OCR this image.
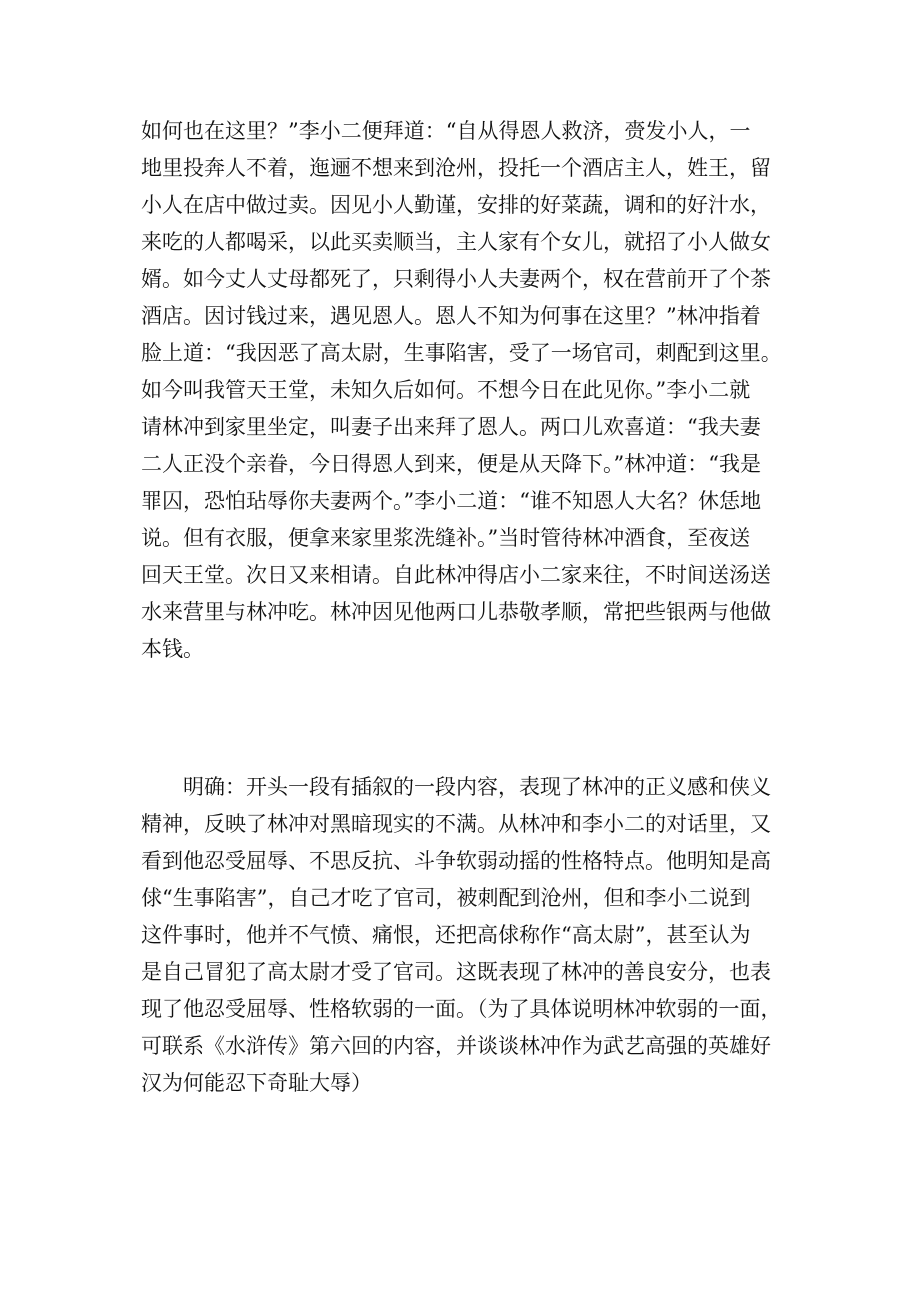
如何也在这里？”李小二便拜道：“自从得恩人救济，赍发小人，一
地里投奔人不着，迤逦不想来到沧州，投托一个酒店主人，姓王，留
小人在店中做过卖。因见小人勤谨，安排的好菜蔬，调和的好汁水，
来吃的人都喝采，以此买卖顺当，主人家有个女儿，就招了小人做女
婿。如今丈人丈母都死了，只剩得小人夫妻两个，权在营前开了个茶
酒店。因讨钱过来，遇见恩人。恩人不知为何事在这里？”林冲指着
脸上道：“我因恶了高太尉，生事陷害，受了一场官司，刺配到这里。
如今叫我管天王堂，未知久后如何。不想今日在此见你。”李小二就
请林冲到家里坐定，叫妻子出来拜了恩人。两口儿欢喜道：“我夫妻
二人正没个亲眷，今日得恩人到来，便是从天降下。”林冲道：“我是
罪囚，恐怕玷辱你夫妻两个。”李小二道：“谁不知恩人大名？休恁地
说。但有衣服，便拿来家里浆洗缝补。”当时管待林冲酒食，至夜送
回天王堂。次日又来相请。自此林冲得店小二家来往，不时间送汤送
水来营里与林冲吃。林冲因见他两口儿恭敬孝顺，常把些银两与他做
本钱。
　　明确：开头一段有插叙的一段内容，表现了林冲的正义感和侠义
精神，反映了林冲对黑暗现实的不满。从林冲和李小二的对话里，又
看到他忍受屈辱、不思反抗、斗争软弱动摇的性格特点。他明知是高
俅“生事陷害”，自己才吃了官司，被刺配到沧州，但和李小二说到
这件事时，他并不气愤、痛恨，还把高俅称作“高太尉”，甚至认为
是自己冒犯了高太尉才受了官司。这既表现了林冲的善良安分，也表
现了他忍受屈辱、性格软弱的一面。（为了具体说明林冲软弱的一面，
可联系《水浒传》第六回的内容，并谈谈林冲作为武艺高强的英雄好
汉为何能忍下奇耻大辱）
